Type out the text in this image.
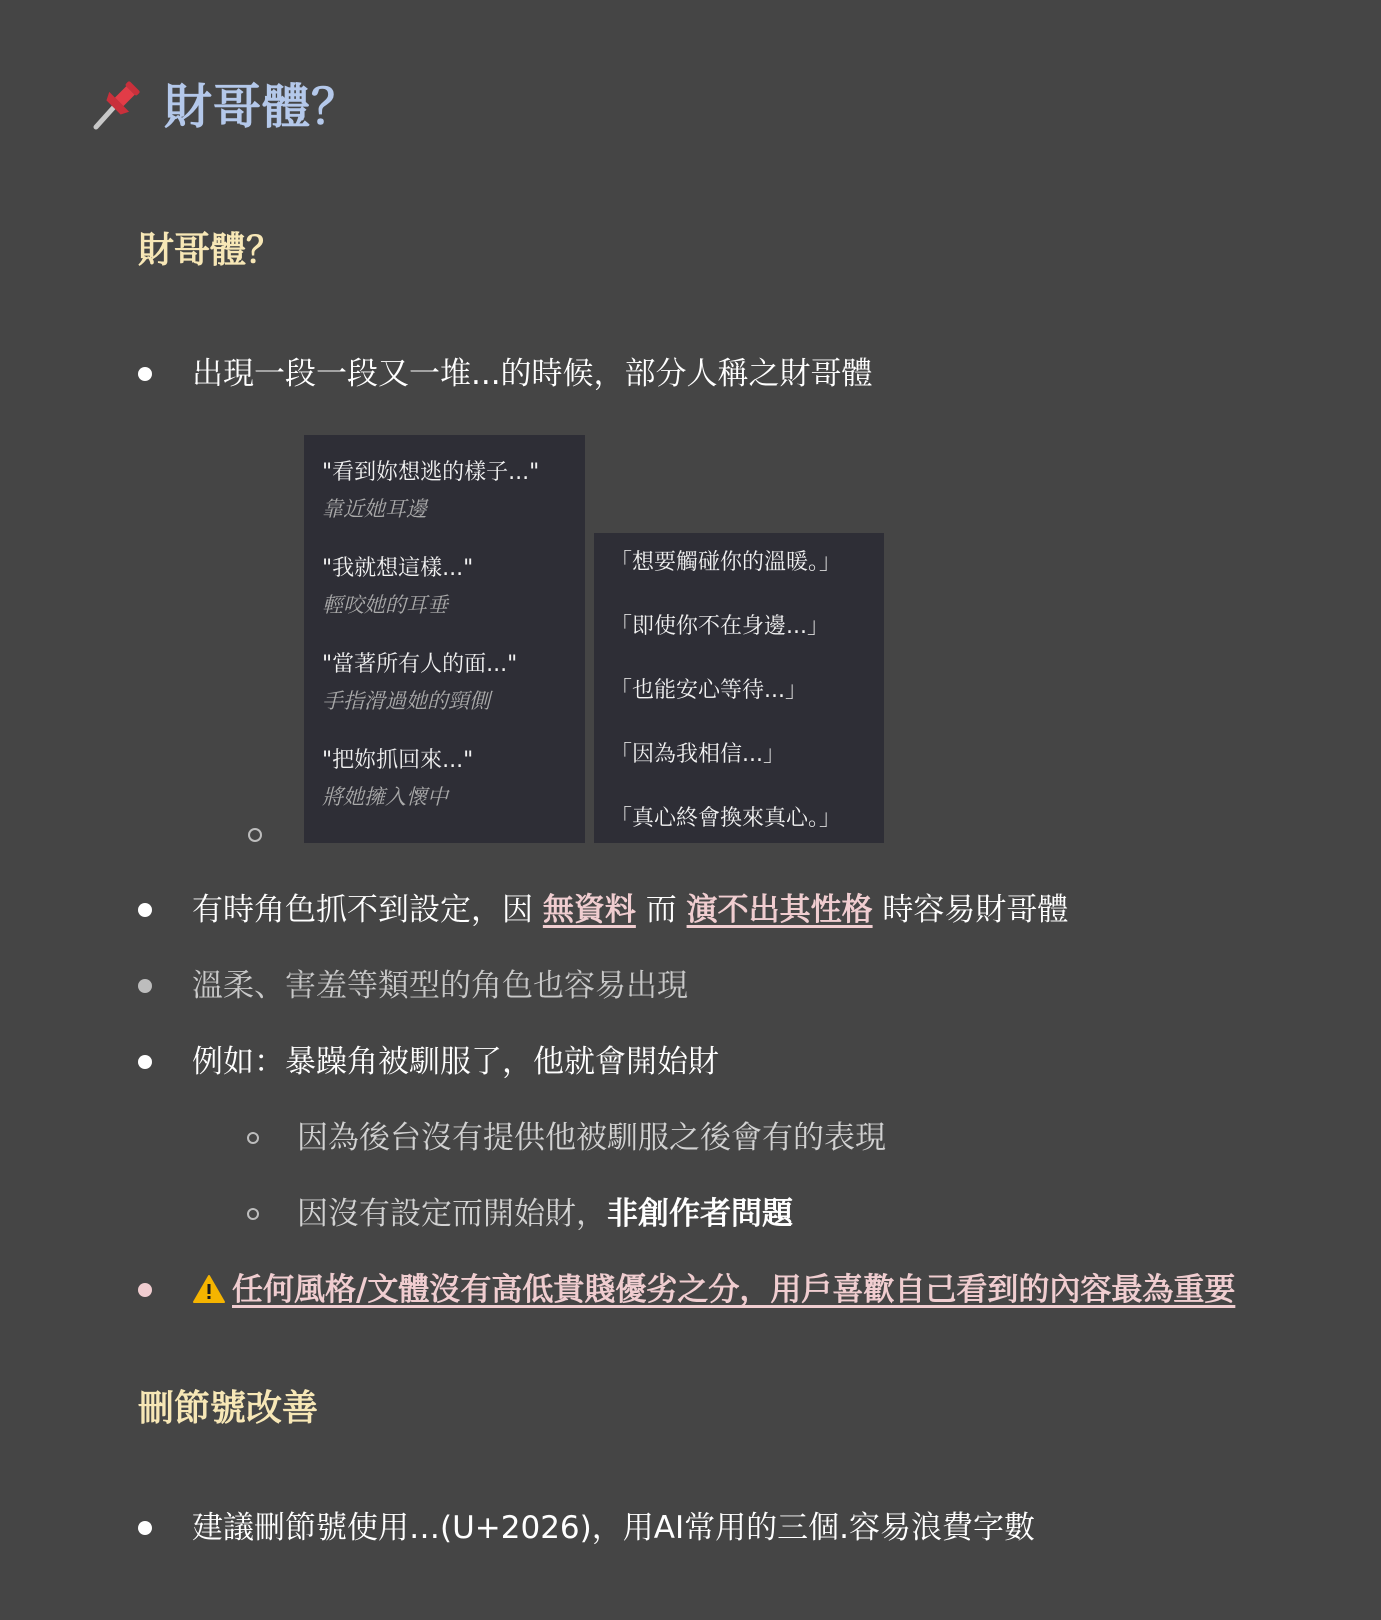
財哥體？
財哥體？
出現一段一段又一堆...的時候，部分人稱之財哥體
"看到妳想逃的樣子..."
靠近她耳邊
"我就想這樣..."
輕咬她的耳垂
"當著所有人的面..."
手指滑過她的頸側
"把妳抓回來..."
將她擁入懷中
「想要觸碰你的溫暖。」
「即使你不在身邊...」
「也能安心等待...」
「因為我相信...」
「真心終會換來真心。」
有時角色抓不到設定，因 無資料 而 演不出其性格 時容易財哥體
溫柔、害羞等類型的角色也容易出現
例如：暴躁角被馴服了，他就會開始財
因為後台沒有提供他被馴服之後會有的表現
因沒有設定而開始財， 非創作者問題
任何風格/文體沒有高低貴賤優劣之分，用戶喜歡自己看到的內容最為重要
刪節號改善
建議刪節號使用…(U+2026)，用AI常用的三個.容易浪費字數
